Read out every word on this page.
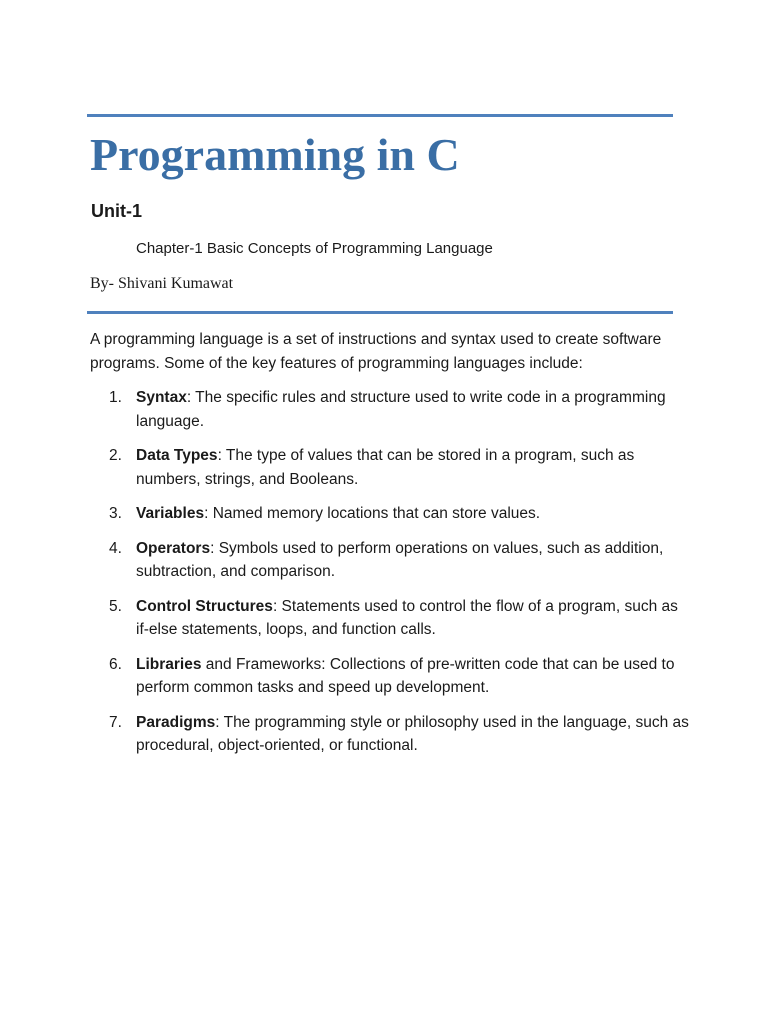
Programming in C
Unit-1
Chapter-1 Basic Concepts of Programming Language
By- Shivani Kumawat

A programming language is a set of instructions and syntax used to create software programs. Some of the key features of programming languages include:

1. Syntax: The specific rules and structure used to write code in a programming language.
2. Data Types: The type of values that can be stored in a program, such as numbers, strings, and Booleans.
3. Variables: Named memory locations that can store values.
4. Operators: Symbols used to perform operations on values, such as addition, subtraction, and comparison.
5. Control Structures: Statements used to control the flow of a program, such as if-else statements, loops, and function calls.
6. Libraries and Frameworks: Collections of pre-written code that can be used to perform common tasks and speed up development.
7. Paradigms: The programming style or philosophy used in the language, such as procedural, object-oriented, or functional.
